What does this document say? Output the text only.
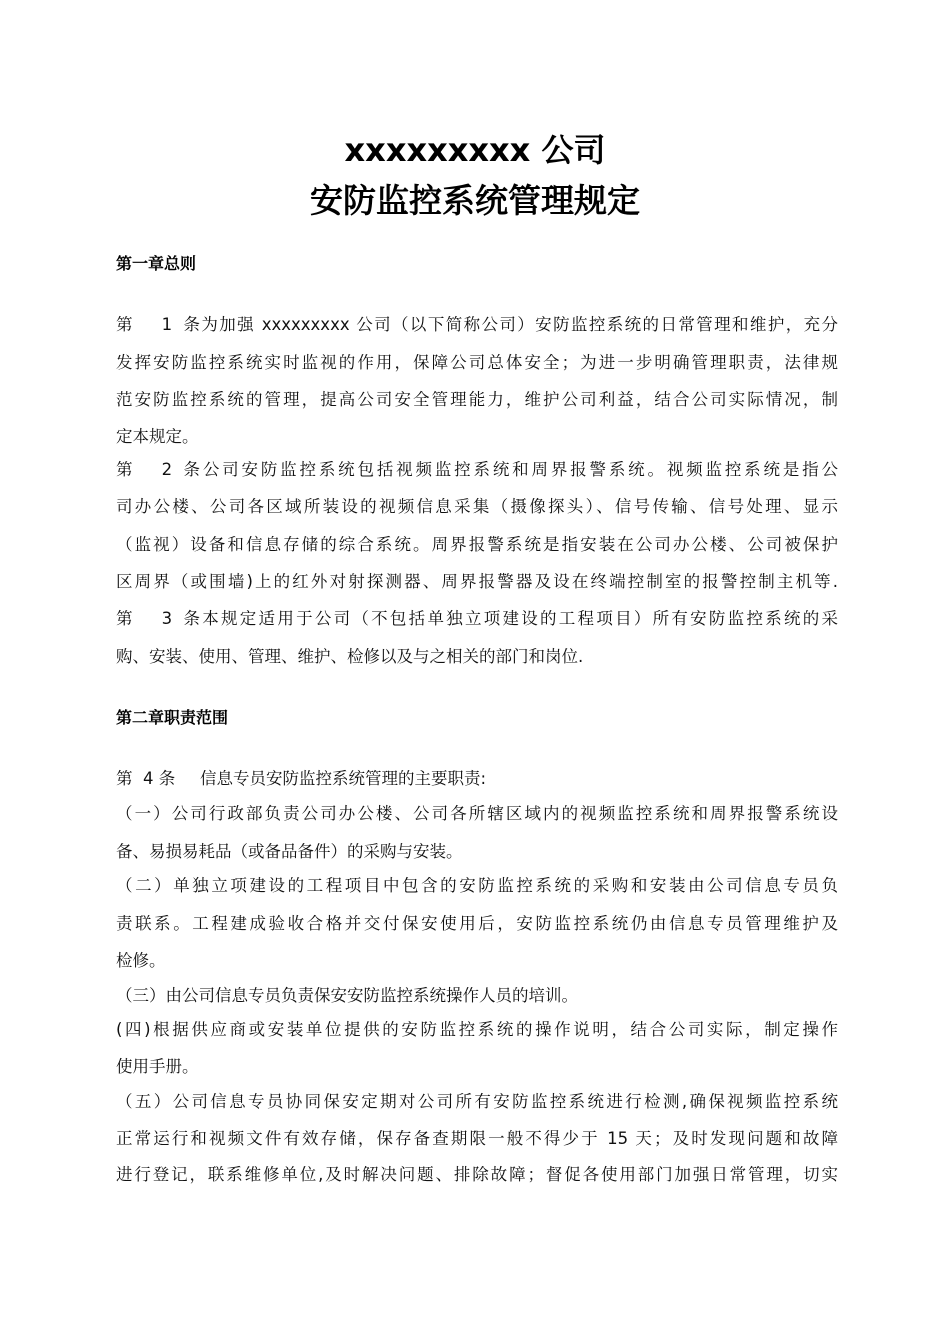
xxxxxxxxx 公司
安防监控系统管理规定
第一章总则
第  1 条为加强 xxxxxxxxx 公司（以下简称公司）安防监控系统的日常管理和维护，充分
发挥安防监控系统实时监视的作用，保障公司总体安全；为进一步明确管理职责，法律规
范安防监控系统的管理，提高公司安全管理能力，维护公司利益，结合公司实际情况，制
定本规定。
第  2 条公司安防监控系统包括视频监控系统和周界报警系统。视频监控系统是指公
司办公楼、公司各区域所装设的视频信息采集（摄像探头）、信号传输、信号处理、显示
（监视）设备和信息存储的综合系统。周界报警系统是指安装在公司办公楼、公司被保护
区周界（或围墙)上的红外对射探测器、周界报警器及设在终端控制室的报警控制主机等.
第  3 条本规定适用于公司（不包括单独立项建设的工程项目）所有安防监控系统的采
购、安装、使用、管理、维护、检修以及与之相关的部门和岗位.
第二章职责范围
第  4 条 信息专员安防监控系统管理的主要职责:
（一）公司行政部负责公司办公楼、公司各所辖区域内的视频监控系统和周界报警系统设
备、易损易耗品（或备品备件）的采购与安装。
（二）单独立项建设的工程项目中包含的安防监控系统的采购和安装由公司信息专员负
责联系。工程建成验收合格并交付保安使用后，安防监控系统仍由信息专员管理维护及
检修。
（三）由公司信息专员负责保安安防监控系统操作人员的培训。
(四)根据供应商或安装单位提供的安防监控系统的操作说明，结合公司实际，制定操作
使用手册。
（五）公司信息专员协同保安定期对公司所有安防监控系统进行检测,确保视频监控系统
正常运行和视频文件有效存储，保存备查期限一般不得少于 15 天；及时发现问题和故障
进行登记，联系维修单位,及时解决问题、排除故障；督促各使用部门加强日常管理，切实
